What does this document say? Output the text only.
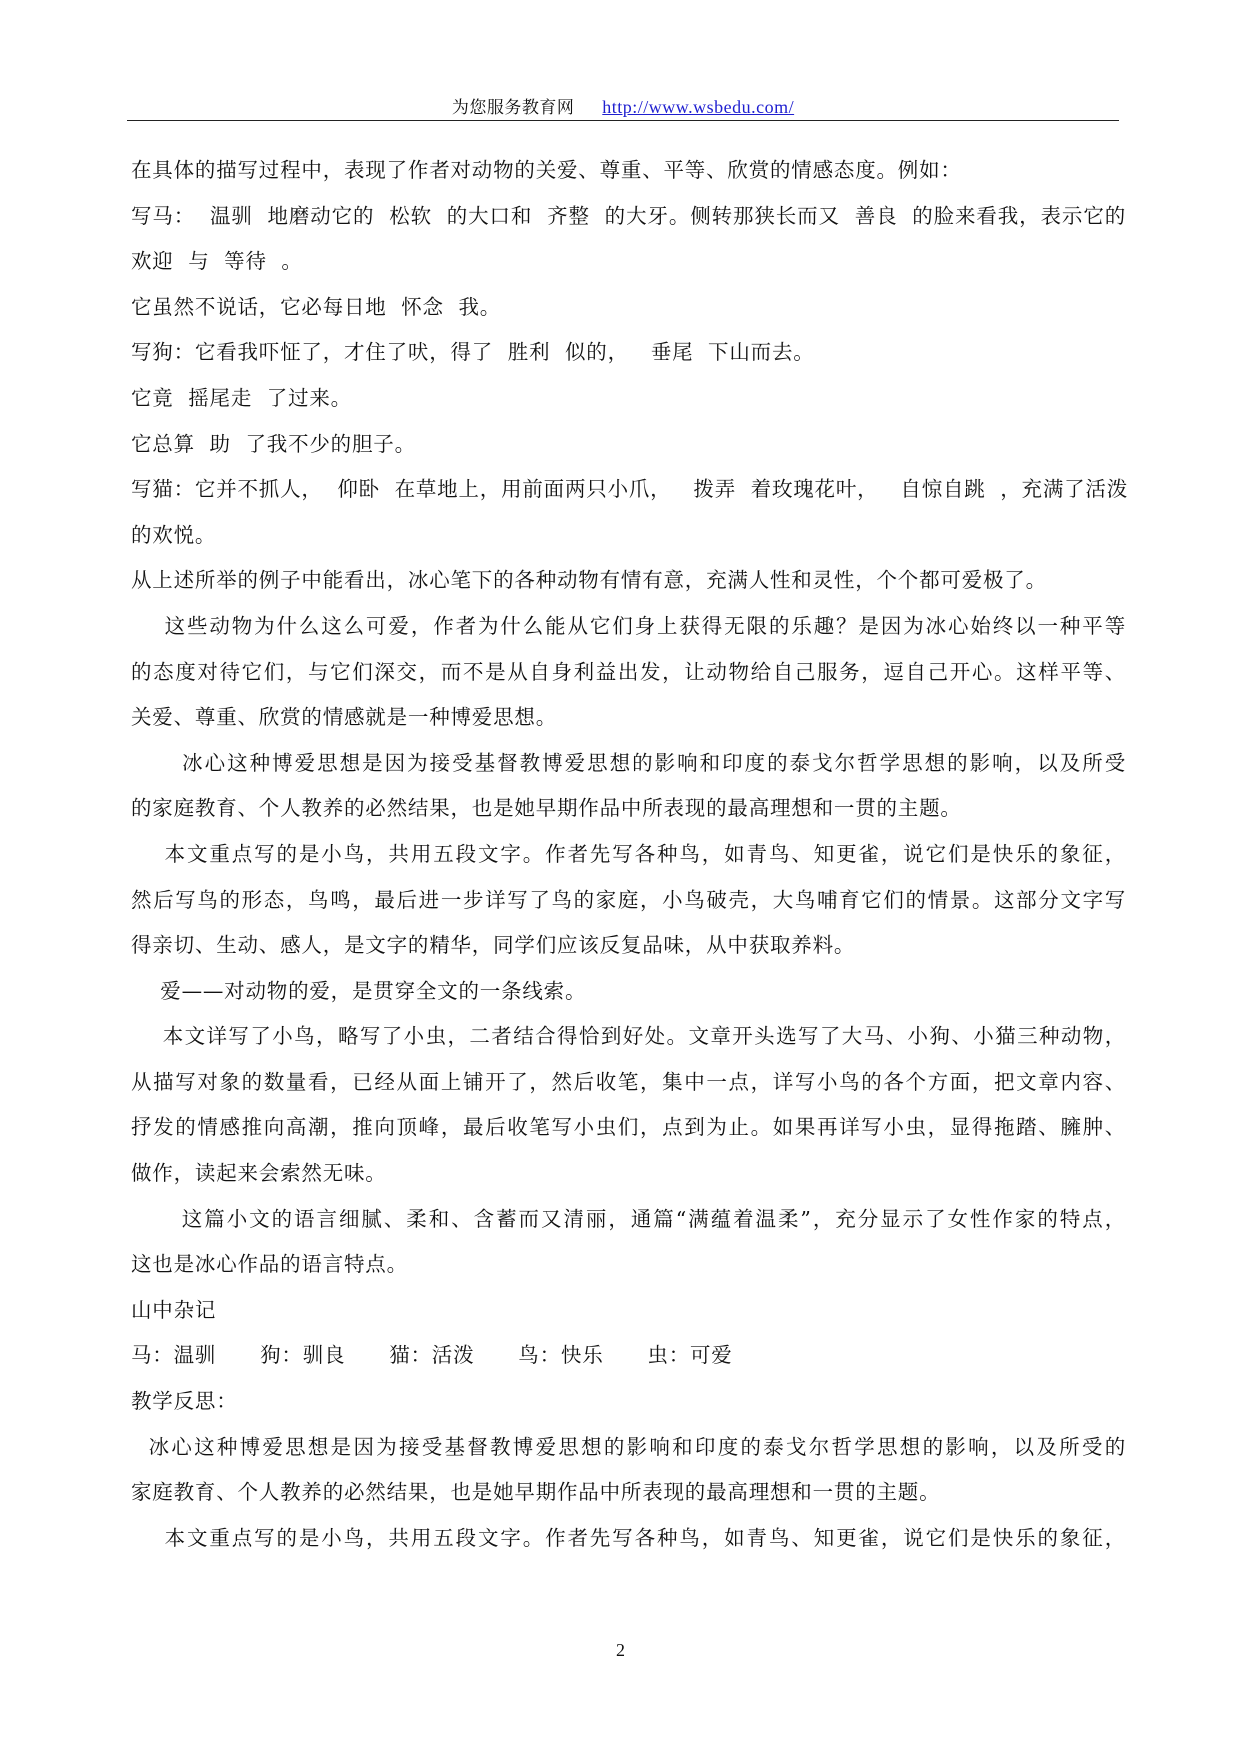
为您服务教育网 http://www.wsbedu.com/
在具体的描写过程中，表现了作者对动物的关爱、尊重、平等、欣赏的情感态度。例如：
写马：  温驯  地磨动它的  松软  的大口和  齐整  的大牙。侧转那狭长而又  善良  的脸来看我，表示它的
欢迎  与  等待  。
它虽然不说话，它必每日地  怀念  我。
写狗：它看我吓怔了，才住了吠，得了  胜利  似的，   垂尾  下山而去。
它竟  摇尾走  了过来。
它总算  助  了我不少的胆子。
写猫：它并不抓人，  仰卧  在草地上，用前面两只小爪，   拨弄  着玫瑰花叶，   自惊自跳  ，充满了活泼
的欢悦。
从上述所举的例子中能看出，冰心笔下的各种动物有情有意，充满人性和灵性，个个都可爱极了。
这些动物为什么这么可爱，作者为什么能从它们身上获得无限的乐趣？是因为冰心始终以一种平等
的态度对待它们，与它们深交，而不是从自身利益出发，让动物给自己服务，逗自己开心。这样平等、
关爱、尊重、欣赏的情感就是一种博爱思想。
冰心这种博爱思想是因为接受基督教博爱思想的影响和印度的泰戈尔哲学思想的影响，以及所受
的家庭教育、个人教养的必然结果，也是她早期作品中所表现的最高理想和一贯的主题。
本文重点写的是小鸟，共用五段文字。作者先写各种鸟，如青鸟、知更雀，说它们是快乐的象征，
然后写鸟的形态，鸟鸣，最后进一步详写了鸟的家庭，小鸟破壳，大鸟哺育它们的情景。这部分文字写
得亲切、生动、感人，是文字的精华，同学们应该反复品味，从中获取养料。
爱——对动物的爱，是贯穿全文的一条线索。
本文详写了小鸟，略写了小虫，二者结合得恰到好处。文章开头选写了大马、小狗、小猫三种动物，
从描写对象的数量看，已经从面上铺开了，然后收笔，集中一点，详写小鸟的各个方面，把文章内容、
抒发的情感推向高潮，推向顶峰，最后收笔写小虫们，点到为止。如果再详写小虫，显得拖踏、臃肿、
做作，读起来会索然无味。
这篇小文的语言细腻、柔和、含蓄而又清丽，通篇“满蕴着温柔”，充分显示了女性作家的特点，
这也是冰心作品的语言特点。
山中杂记
马：温驯      狗：驯良      猫：活泼      鸟：快乐      虫：可爱
教学反思：
冰心这种博爱思想是因为接受基督教博爱思想的影响和印度的泰戈尔哲学思想的影响，以及所受的
家庭教育、个人教养的必然结果，也是她早期作品中所表现的最高理想和一贯的主题。
本文重点写的是小鸟，共用五段文字。作者先写各种鸟，如青鸟、知更雀，说它们是快乐的象征，
2
